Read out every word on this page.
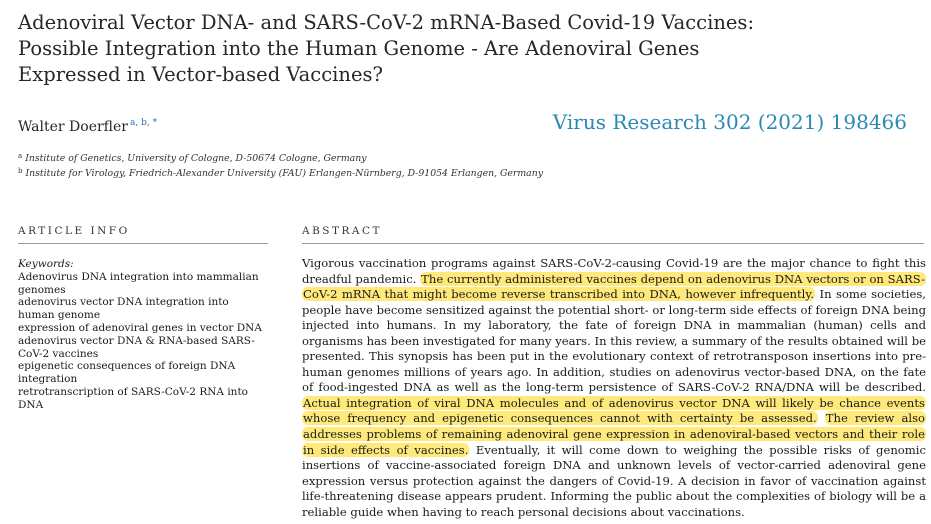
Adenoviral Vector DNA- and SARS-CoV-2 mRNA-Based Covid-19 Vaccines:
Possible Integration into the Human Genome - Are Adenoviral Genes
Expressed in Vector-based Vaccines?
Walter Doerfler $^{a, b, *}$	Virus Research 302 (2021) 198466
$^a$ Institute of Genetics, University of Cologne, D-50674 Cologne, Germany
$^b$ Institute for Virology, Friedrich-Alexander University (FAU) Erlangen-Nürnberg, D-91054 Erlangen, Germany
ARTICLE INFO	ABSTRACT
Keywords:
Adenovirus DNA integration into mammalian genomes
adenovirus vector DNA integration into human genome
expression of adenoviral genes in vector DNA
adenovirus vector DNA & RNA-based SARS-CoV-2 vaccines
epigenetic consequences of foreign DNA integration
retrotranscription of SARS-CoV-2 RNA into DNA
Vigorous vaccination programs against SARS-CoV-2-causing Covid-19 are the major chance to fight this dreadful pandemic. The currently administered vaccines depend on adenovirus DNA vectors or on SARS-CoV-2 mRNA that might become reverse transcribed into DNA, however infrequently. In some societies, people have become sensitized against the potential short- or long-term side effects of foreign DNA being injected into humans. In my laboratory, the fate of foreign DNA in mammalian (human) cells and organisms has been investigated for many years. In this review, a summary of the results obtained will be presented. This synopsis has been put in the evolutionary context of retrotransposon insertions into pre-human genomes millions of years ago. In addition, studies on adenovirus vector-based DNA, on the fate of food-ingested DNA as well as the long-term persistence of SARS-CoV-2 RNA/DNA will be described. Actual integration of viral DNA molecules and of adenovirus vector DNA will likely be chance events whose frequency and epigenetic consequences cannot with certainty be assessed. The review also addresses problems of remaining adenoviral gene expression in adenoviral-based vectors and their role in side effects of vaccines. Eventually, it will come down to weighing the possible risks of genomic insertions of vaccine-associated foreign DNA and unknown levels of vector-carried adenoviral gene expression versus protection against the dangers of Covid-19. A decision in favor of vaccination against life-threatening disease appears prudent. Informing the public about the complexities of biology will be a reliable guide when having to reach personal decisions about vaccinations.
